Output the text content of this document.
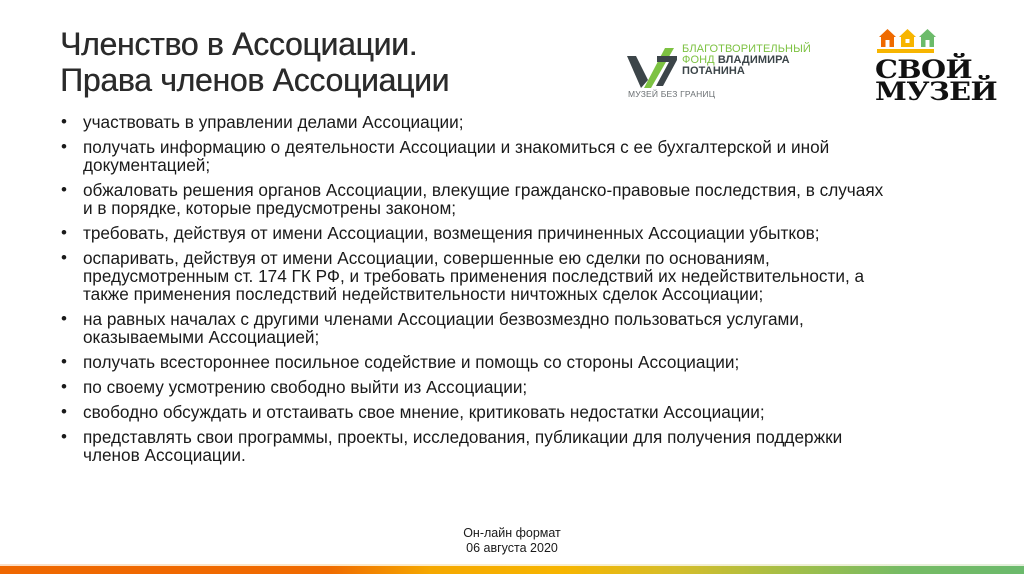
Членство в Ассоциации.
Права членов Ассоциации
БЛАГОТВОРИТЕЛЬНЫЙ
ФОНД ВЛАДИМИРА
ПОТАНИНА
МУЗЕЙ БЕЗ ГРАНИЦ
СВОЙ
МУЗЕЙ
• участвовать в управлении делами Ассоциации;
• получать информацию о деятельности Ассоциации и знакомиться с ее бухгалтерской и иной
документацией;
• обжаловать решения органов Ассоциации, влекущие гражданско-правовые последствия, в случаях
и в порядке, которые предусмотрены законом;
• требовать, действуя от имени Ассоциации, возмещения причиненных Ассоциации убытков;
• оспаривать, действуя от имени Ассоциации, совершенные ею сделки по основаниям,
предусмотренным ст. 174 ГК РФ, и требовать применения последствий их недействительности, а
также применения последствий недействительности ничтожных сделок Ассоциации;
• на равных началах с другими членами Ассоциации безвозмездно пользоваться услугами,
оказываемыми Ассоциацией;
• получать всестороннее посильное содействие и помощь со стороны Ассоциации;
• по своему усмотрению свободно выйти из Ассоциации;
• свободно обсуждать и отстаивать свое мнение, критиковать недостатки Ассоциации;
• представлять свои программы, проекты, исследования, публикации для получения поддержки
членов Ассоциации.
Он-лайн формат
06 августа 2020
